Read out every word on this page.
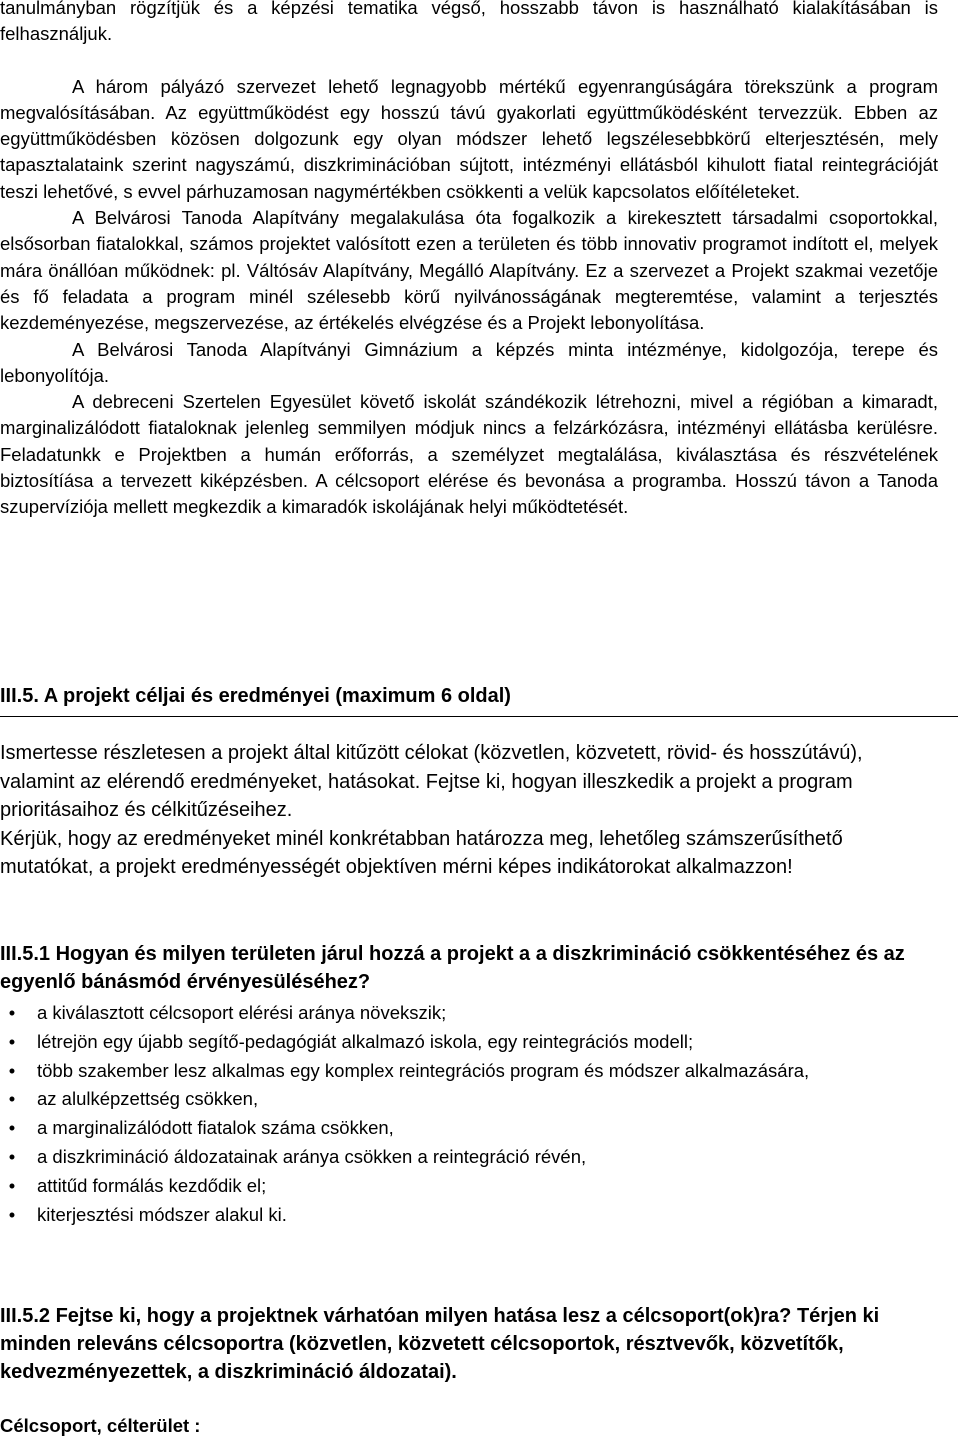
tanulmányban rögzítjük és a képzési tematika végső, hosszabb távon is használható kialakításában is felhasználjuk.

A három pályázó szervezet lehető legnagyobb mértékű egyenrangúságára törekszünk a program megvalósításában. Az együttműködést egy hosszú távú gyakorlati együttműködésként tervezzük. Ebben az együttműködésben közösen dolgozunk egy olyan módszer lehető legszélesebbkörű elterjesztésén, mely tapasztalataink szerint nagyszámú, diszkriminációban sújtott, intézményi ellátásból kihulott fiatal reintegrációját teszi lehetővé, s evvel párhuzamosan nagymértékben csökkenti a velük kapcsolatos előítéleteket.

A Belvárosi Tanoda Alapítvány megalakulása óta fogalkozik a kirekesztett társadalmi csoportokkal, elsősorban fiatalokkal, számos projektet valósított ezen a területen és több innovativ programot indított el, melyek mára önállóan működnek: pl. Váltósáv Alapítvány, Megálló Alapítvány. Ez a szervezet a Projekt szakmai vezetője és fő feladata a program minél szélesebb körű nyilvánosságának megteremtése, valamint a terjesztés kezdeményezése, megszervezése, az értékelés elvégzése és a Projekt lebonyolítása.

A Belvárosi Tanoda Alapítványi Gimnázium a képzés minta intézménye, kidolgozója, terepe és lebonyolítója.

A debreceni Szertelen Egyesület követő iskolát szándékozik létrehozni, mivel a régióban a kimaradt, marginalizálódott fiataloknak jelenleg semmilyen módjuk nincs a felzárkózásra, intézményi ellátásba kerülésre. Feladatunkk e Projektben a humán erőforrás, a személyzet megtalálása, kiválasztása és részvételének biztosítíása a tervezett kiképzésben. A célcsoport elérése és bevonása a programba. Hosszú távon a Tanoda szupervíziója mellett megkezdik a kimaradók iskolájának helyi működtetését.

III.5. A projekt céljai és eredményei (maximum 6 oldal)

Ismertesse részletesen a projekt által kitűzött célokat (közvetlen, közvetett, rövid- és hosszútávú), valamint az elérendő eredményeket, hatásokat. Fejtse ki, hogyan illeszkedik a projekt a program prioritásaihoz és célkitűzéseihez.

Kérjük, hogy az eredményeket minél konkrétabban határozza meg, lehetőleg számszerűsíthető mutatókat, a projekt eredményességét objektíven mérni képes indikátorokat alkalmazzon!

III.5.1 Hogyan és milyen területen járul hozzá a projekt a a diszkrimináció csökkentéséhez és az egyenlő bánásmód érvényesüléséhez?
•	a kiválasztott célcsoport elérési aránya növekszik;
•	létrejön egy újabb segítő-pedagógiát alkalmazó iskola, egy reintegrációs modell;
•	több szakember lesz alkalmas egy komplex reintegrációs program és módszer alkalmazására,
•	az alulképzettség csökken,
•	a marginalizálódott fiatalok száma csökken,
•	a diszkrimináció áldozatainak aránya csökken a reintegráció révén,
•	attitűd formálás kezdődik el;
•	kiterjesztési módszer alakul ki.
III.5.2 Fejtse ki, hogy a projektnek várhatóan milyen hatása lesz a célcsoport(ok)ra? Térjen ki minden releváns célcsoportra (közvetlen, közvetett célcsoportok, résztvevők, közvetítők, kedvezményezettek, a diszkrimináció áldozatai).

Célcsoport, célterület :
